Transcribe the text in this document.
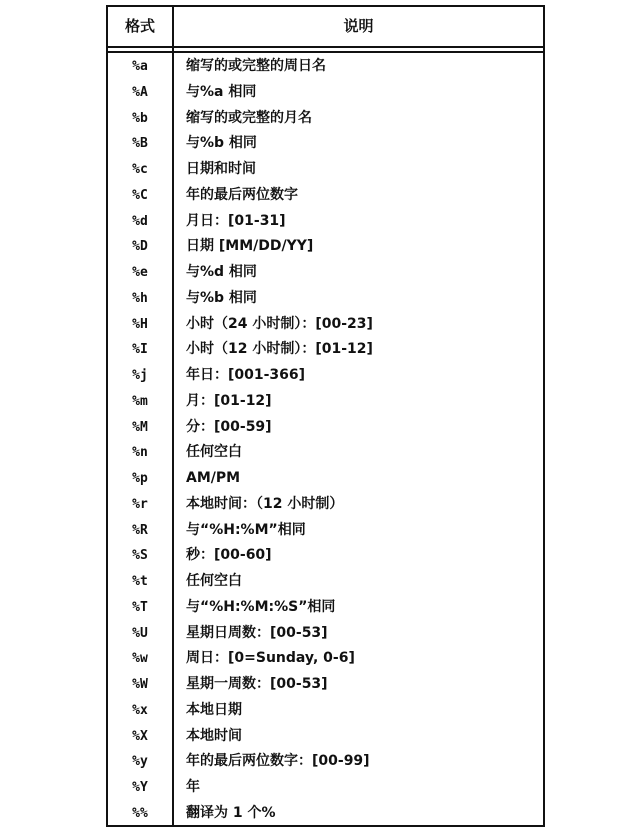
格式	说明
%a	缩写的或完整的周日名
%A	与%a 相同
%b	缩写的或完整的月名
%B	与%b 相同
%c	日期和时间
%C	年的最后两位数字
%d	月日：[01-31]
%D	日期 [MM/DD/YY]
%e	与%d 相同
%h	与%b 相同
%H	小时（24 小时制）：[00-23]
%I	小时（12 小时制）：[01-12]
%j	年日：[001-366]
%m	月：[01-12]
%M	分：[00-59]
%n	任何空白
%p	AM/PM
%r	本地时间：（12 小时制）
%R	与“%H:%M”相同
%S	秒：[00-60]
%t	任何空白
%T	与“%H:%M:%S”相同
%U	星期日周数：[00-53]
%w	周日：[0=Sunday, 0-6]
%W	星期一周数：[00-53]
%x	本地日期
%X	本地时间
%y	年的最后两位数字：[00-99]
%Y	年
%%	翻译为 1 个%
